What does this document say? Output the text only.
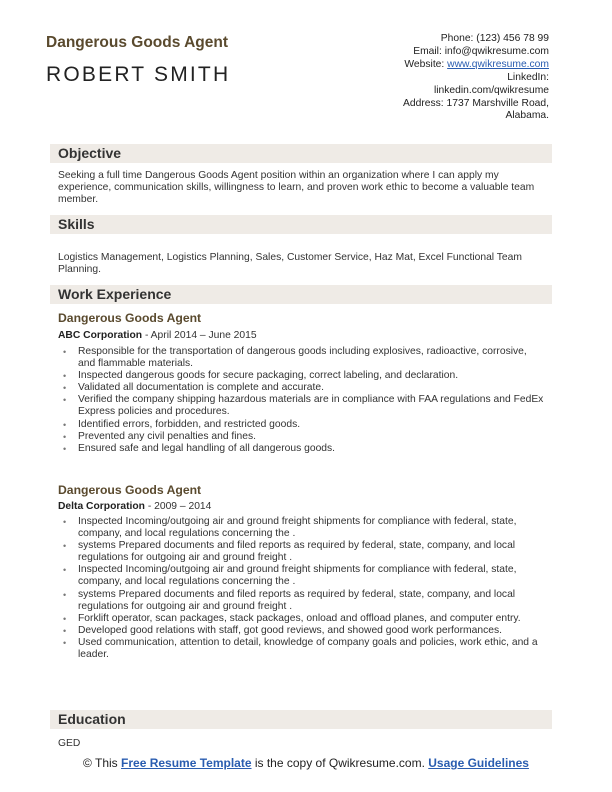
Dangerous Goods Agent
ROBERT SMITH
Phone: (123) 456 78 99
Email: info@qwikresume.com
Website: www.qwikresume.com
LinkedIn:
linkedin.com/qwikresume
Address: 1737 Marshville Road,
Alabama.
Objective
Seeking a full time Dangerous Goods Agent position within an organization where I can apply my experience, communication skills, willingness to learn, and proven work ethic to become a valuable team member.
Skills
Logistics Management, Logistics Planning, Sales, Customer Service, Haz Mat, Excel Functional Team Planning.
Work Experience
Dangerous Goods Agent
ABC Corporation - April 2014 – June 2015
• Responsible for the transportation of dangerous goods including explosives, radioactive, corrosive, and flammable materials.
• Inspected dangerous goods for secure packaging, correct labeling, and declaration.
• Validated all documentation is complete and accurate.
• Verified the company shipping hazardous materials are in compliance with FAA regulations and FedEx Express policies and procedures.
• Identified errors, forbidden, and restricted goods.
• Prevented any civil penalties and fines.
• Ensured safe and legal handling of all dangerous goods.
Dangerous Goods Agent
Delta Corporation - 2009 – 2014
• Inspected Incoming/outgoing air and ground freight shipments for compliance with federal, state, company, and local regulations concerning the .
• systems Prepared documents and filed reports as required by federal, state, company, and local regulations for outgoing air and ground freight .
• Inspected Incoming/outgoing air and ground freight shipments for compliance with federal, state, company, and local regulations concerning the .
• systems Prepared documents and filed reports as required by federal, state, company, and local regulations for outgoing air and ground freight .
• Forklift operator, scan packages, stack packages, onload and offload planes, and computer entry.
• Developed good relations with staff, got good reviews, and showed good work performances.
• Used communication, attention to detail, knowledge of company goals and policies, work ethic, and a leader.
Education
GED
© This Free Resume Template is the copy of Qwikresume.com. Usage Guidelines
